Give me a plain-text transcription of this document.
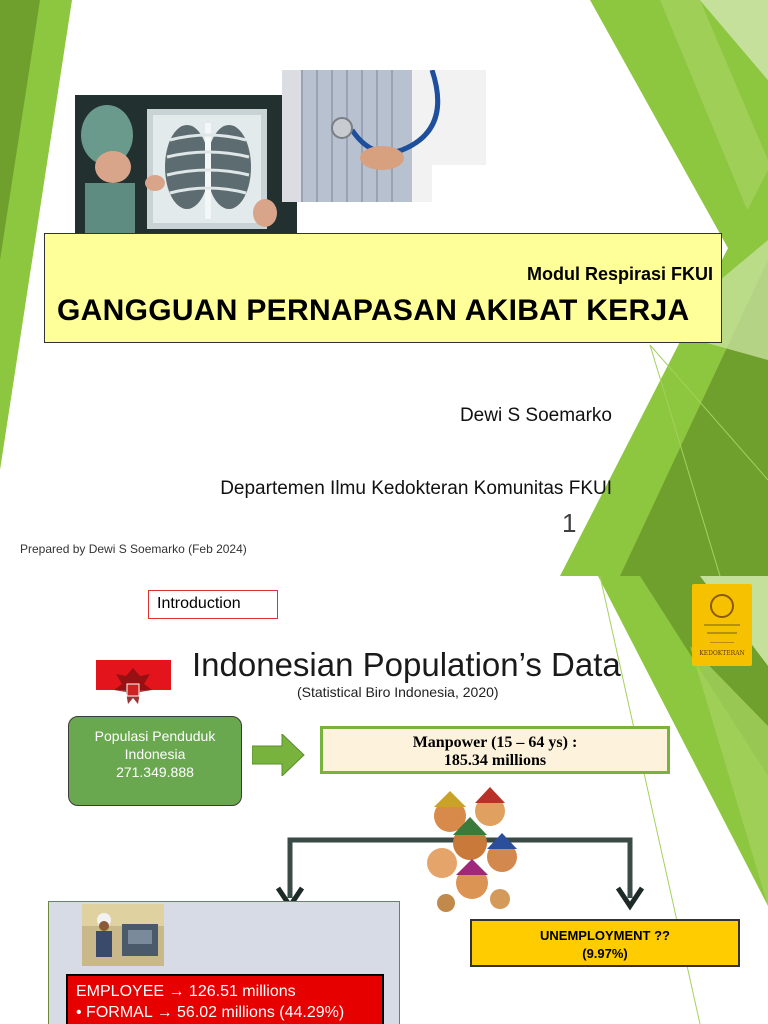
Modul Respirasi FKUI
GANGGUAN PERNAPASAN AKIBAT KERJA
Dewi S Soemarko
Departemen Ilmu Kedokteran Komunitas FKUI
1
Prepared by Dewi S Soemarko (Feb 2024)
Introduction
KEDOKTERAN
Indonesian Population’s Data
(Statistical Biro Indonesia, 2020)
Populasi Penduduk
Indonesia
271.349.888
Manpower (15 – 64 ys) :
185.34 millions
UNEMPLOYMENT ??
(9.97%)
EMPLOYEE → 126.51 millions
• FORMAL → 56.02 millions (44.29%)
